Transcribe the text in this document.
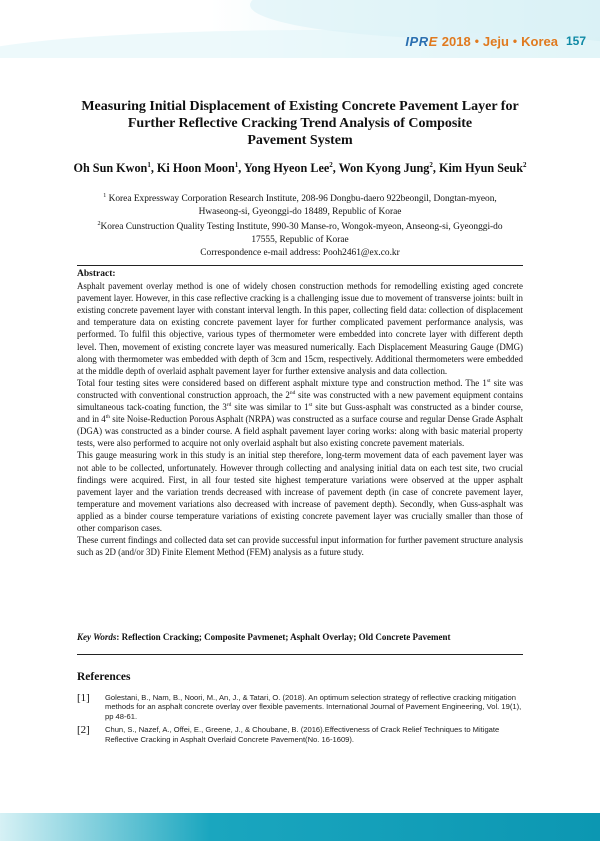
IPRE 2018 • Jeju • Korea 157
Measuring Initial Displacement of Existing Concrete Pavement Layer for
Further Reflective Cracking Trend Analysis of Composite
Pavement System
Oh Sun Kwon$^1$, Ki Hoon Moon$^1$, Yong Hyeon Lee$^2$, Won Kyong Jung$^2$, Kim Hyun Seuk$^2$
$^1$ Korea Expressway Corporation Research Institute, 208-96 Dongbu-daero 922beongil, Dongtan-myeon,
Hwaseong-si, Gyeonggi-do 18489, Republic of Korae
$^2$Korea Cunstruction Quality Testing Institute, 990-30 Manse-ro, Wongok-myeon, Anseong-si, Gyeonggi-do
17555, Republic of Korae
Correspondence e-mail address: Pooh2461@ex.co.kr
Abstract:

Asphalt pavement overlay method is one of widely chosen construction methods for remodelling existing aged concrete pavement layer. However, in this case reflective cracking is a challenging issue due to movement of transverse joints: built in existing concrete pavement layer with constant interval length. In this paper, collecting field data: collection of displacement and temperature data on existing concrete pavement layer for further complicated pavement performance analysis, was performed. To fulfil this objective, various types of thermometer were embedded into concrete layer with different depth level. Then, movement of existing concrete layer was measured numerically. Each Displacement Measuring Gauge (DMG) along with thermometer was embedded with depth of 3cm and 15cm, respectively. Additional thermometers were embedded at the middle depth of overlaid asphalt pavement layer for further extensive analysis and data collection.

Total four testing sites were considered based on different asphalt mixture type and construction method. The 1st site was constructed with conventional construction approach, the 2nd site was constructed with a new pavement equipment contains simultaneous tack-coating function, the 3rd site was similar to 1st site but Guss-asphalt was constructed as a binder course, and in 4th site Noise-Reduction Porous Asphalt (NRPA) was constructed as a surface course and regular Dense Grade Asphalt (DGA) was constructed as a binder course. A field asphalt pavement layer coring works: along with basic material property tests, were also performed to acquire not only overlaid asphalt but also existing concrete pavement materials.

This gauge measuring work in this study is an initial step therefore, long-term movement data of each pavement layer was not able to be collected, unfortunately. However through collecting and analysing initial data on each test site, two crucial findings were acquired. First, in all four tested site highest temperature variations were observed at the upper asphalt pavement layer and the variation trends decreased with increase of pavement depth (in case of concrete pavement layer, temperature and movement variations also decreased with increase of pavement depth). Secondly, when Guss-asphalt was applied as a binder course temperature variations of existing concrete pavement layer was crucially smaller than those of other comparison cases.

These current findings and collected data set can provide successful input information for further pavement structure analysis such as 2D (and/or 3D) Finite Element Method (FEM) analysis as a future study.

Key Words: Reflection Cracking; Composite Pavmenet; Asphalt Overlay; Old Concrete Pavement
References
[1]	Golestani, B., Nam, B., Noori, M., An, J., & Tatari, O. (2018). An optimum selection strategy of reflective cracking mitigation methods for an asphalt concrete overlay over flexible pavements. International Journal of Pavement Engineering, Vol. 19(1), pp 48-61.
[2]	Chun, S., Nazef, A., Offei, E., Greene, J., & Choubane, B. (2016).Effectiveness of Crack Relief Techniques to Mitigate Reflective Cracking in Asphalt Overlaid Concrete Pavement(No. 16-1609).
